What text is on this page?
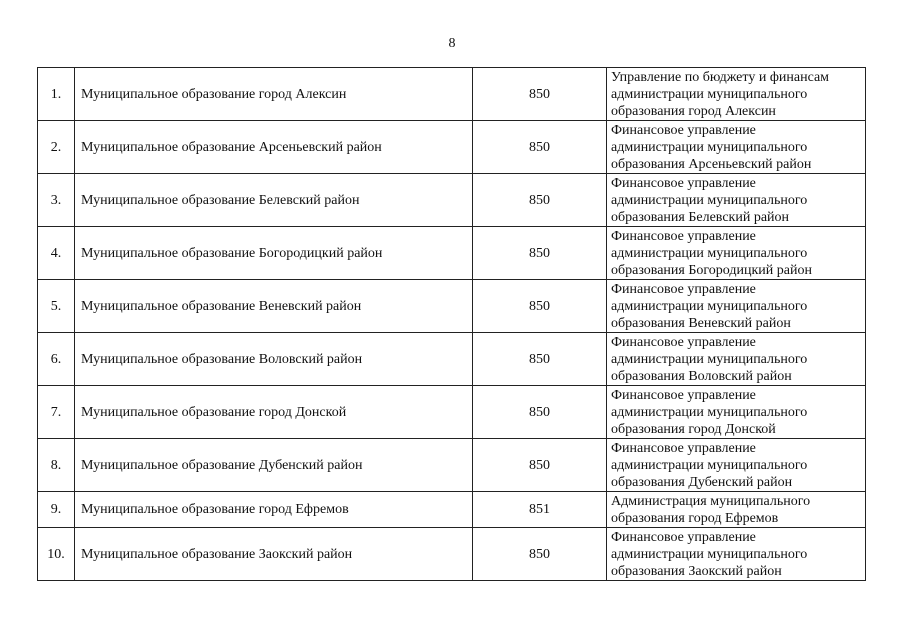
8
1.	Муниципальное образование город Алексин	850	Управление по бюджету и финансам
администрации муниципального
образования город Алексин

2.	Муниципальное образование Арсеньевский район	850	Финансовое управление
администрации муниципального
образования Арсеньевский район

3.	Муниципальное образование Белевский район	850	Финансовое управление
администрации муниципального
образования Белевский район

4.	Муниципальное образование Богородицкий район	850	Финансовое управление
администрации муниципального
образования Богородицкий район

5.	Муниципальное образование Веневский район	850	Финансовое управление
администрации муниципального
образования Веневский район

6.	Муниципальное образование Воловский район	850	Финансовое управление
администрации муниципального
образования Воловский район

7.	Муниципальное образование город Донской	850	Финансовое управление
администрации муниципального
образования город Донской

8.	Муниципальное образование Дубенский район	850	Финансовое управление
администрации муниципального
образования Дубенский район

9.	Муниципальное образование город Ефремов	851	Администрация муниципального
образования город Ефремов

10.	Муниципальное образование Заокский район	850	Финансовое управление
администрации муниципального
образования Заокский район
